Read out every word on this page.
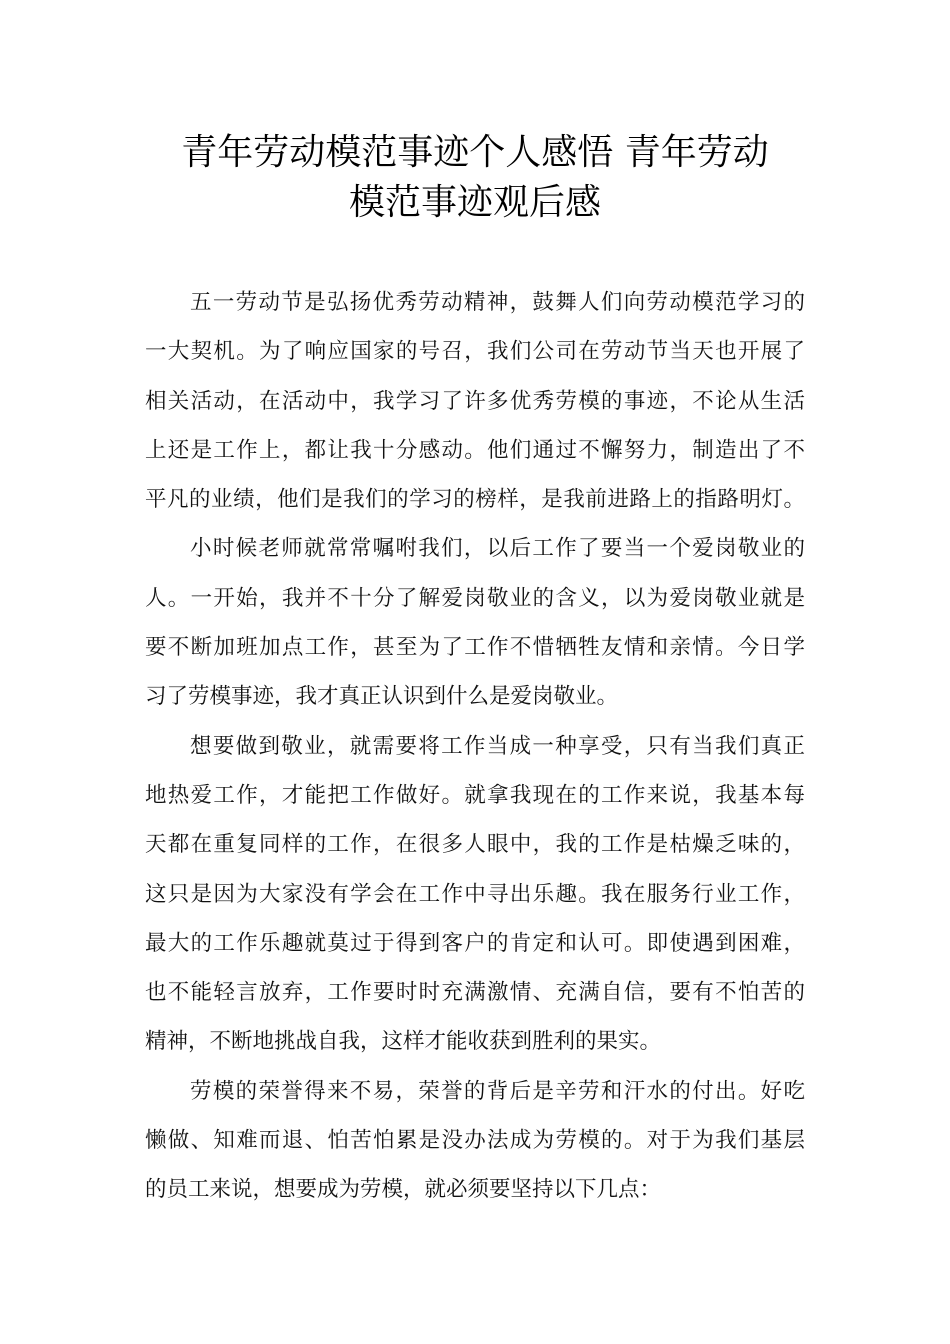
青年劳动模范事迹个人感悟 青年劳动
模范事迹观后感
五一劳动节是弘扬优秀劳动精神，鼓舞人们向劳动模范学习的
一大契机。为了响应国家的号召，我们公司在劳动节当天也开展了
相关活动，在活动中，我学习了许多优秀劳模的事迹，不论从生活
上还是工作上，都让我十分感动。他们通过不懈努力，制造出了不
平凡的业绩，他们是我们的学习的榜样，是我前进路上的指路明灯。
小时候老师就常常嘱咐我们，以后工作了要当一个爱岗敬业的
人。一开始，我并不十分了解爱岗敬业的含义，以为爱岗敬业就是
要不断加班加点工作，甚至为了工作不惜牺牲友情和亲情。今日学
习了劳模事迹，我才真正认识到什么是爱岗敬业。
想要做到敬业，就需要将工作当成一种享受，只有当我们真正
地热爱工作，才能把工作做好。就拿我现在的工作来说，我基本每
天都在重复同样的工作，在很多人眼中，我的工作是枯燥乏味的，
这只是因为大家没有学会在工作中寻出乐趣。我在服务行业工作，
最大的工作乐趣就莫过于得到客户的肯定和认可。即使遇到困难，
也不能轻言放弃，工作要时时充满激情、充满自信，要有不怕苦的
精神，不断地挑战自我，这样才能收获到胜利的果实。
劳模的荣誉得来不易，荣誉的背后是辛劳和汗水的付出。好吃
懒做、知难而退、怕苦怕累是没办法成为劳模的。对于为我们基层
的员工来说，想要成为劳模，就必须要坚持以下几点：
